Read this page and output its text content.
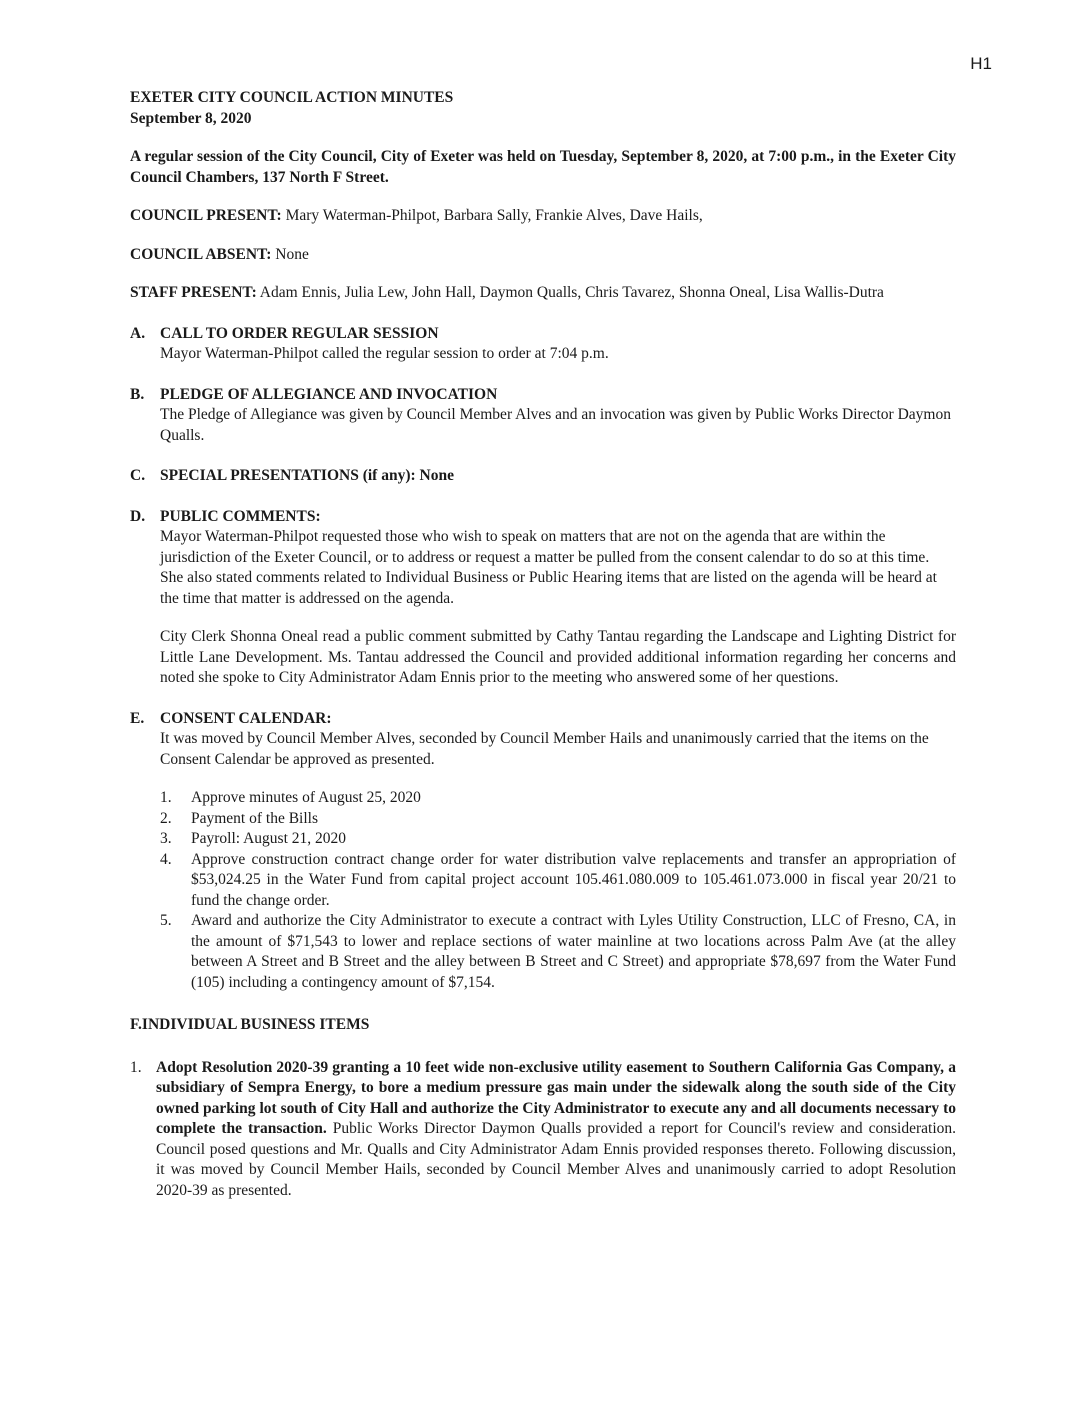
H1
EXETER CITY COUNCIL ACTION MINUTES
September 8, 2020

A regular session of the City Council, City of Exeter was held on Tuesday, September 8, 2020, at 7:00 p.m., in the Exeter City Council Chambers, 137 North F Street.

COUNCIL PRESENT: Mary Waterman-Philpot, Barbara Sally, Frankie Alves, Dave Hails,

COUNCIL ABSENT: None

STAFF PRESENT: Adam Ennis, Julia Lew, John Hall, Daymon Qualls, Chris Tavarez, Shonna Oneal, Lisa Wallis-Dutra

A. CALL TO ORDER REGULAR SESSION

Mayor Waterman-Philpot called the regular session to order at 7:04 p.m.

B.	PLEDGE OF ALLEGIANCE AND INVOCATION

The Pledge of Allegiance was given by Council Member Alves and an invocation was given by Public Works Director Daymon Qualls.

C. SPECIAL PRESENTATIONS (if any): None
D. PUBLIC COMMENTS:

Mayor Waterman-Philpot requested those who wish to speak on matters that are not on the agenda that are within the jurisdiction of the Exeter Council, or to address or request a matter be pulled from the consent calendar to do so at this time. She also stated comments related to Individual Business or Public Hearing items that are listed on the agenda will be heard at the time that matter is addressed on the agenda.

City Clerk Shonna Oneal read a public comment submitted by Cathy Tantau regarding the Landscape and Lighting District for Little Lane Development. Ms. Tantau addressed the Council and provided additional information regarding her concerns and noted she spoke to City Administrator Adam Ennis prior to the meeting who answered some of her questions.

E.	CONSENT CALENDAR:

It was moved by Council Member Alves, seconded by Council Member Hails and unanimously carried that the items on the Consent Calendar be approved as presented.

1.	Approve minutes of August 25, 2020
2.	Payment of the Bills
3.	Payroll: August 21, 2020
4.	Approve construction contract change order for water distribution valve replacements and transfer an appropriation of $53,024.25 in the Water Fund from capital project account 105.461.080.009 to 105.461.073.000 in fiscal year 20/21 to fund the change order.
5.	Award and authorize the City Administrator to execute a contract with Lyles Utility Construction, LLC of Fresno, CA, in the amount of $71,543 to lower and replace sections of water mainline at two locations across Palm Ave (at the alley between A Street and B Street and the alley between B Street and C Street) and appropriate $78,697 from the Water Fund (105) including a contingency amount of $7,154.
F.INDIVIDUAL BUSINESS ITEMS
1. Adopt Resolution 2020-39 granting a 10 feet wide non-exclusive utility easement to Southern California Gas Company, a subsidiary of Sempra Energy, to bore a medium pressure gas main under the sidewalk along the south side of the City owned parking lot south of City Hall and authorize the City Administrator to execute any and all documents necessary to complete the transaction. Public Works Director Daymon Qualls provided a report for Council's review and consideration. Council posed questions and Mr. Qualls and City Administrator Adam Ennis provided responses thereto. Following discussion, it was moved by Council Member Hails, seconded by Council Member Alves and unanimously carried to adopt Resolution 2020-39 as presented.
